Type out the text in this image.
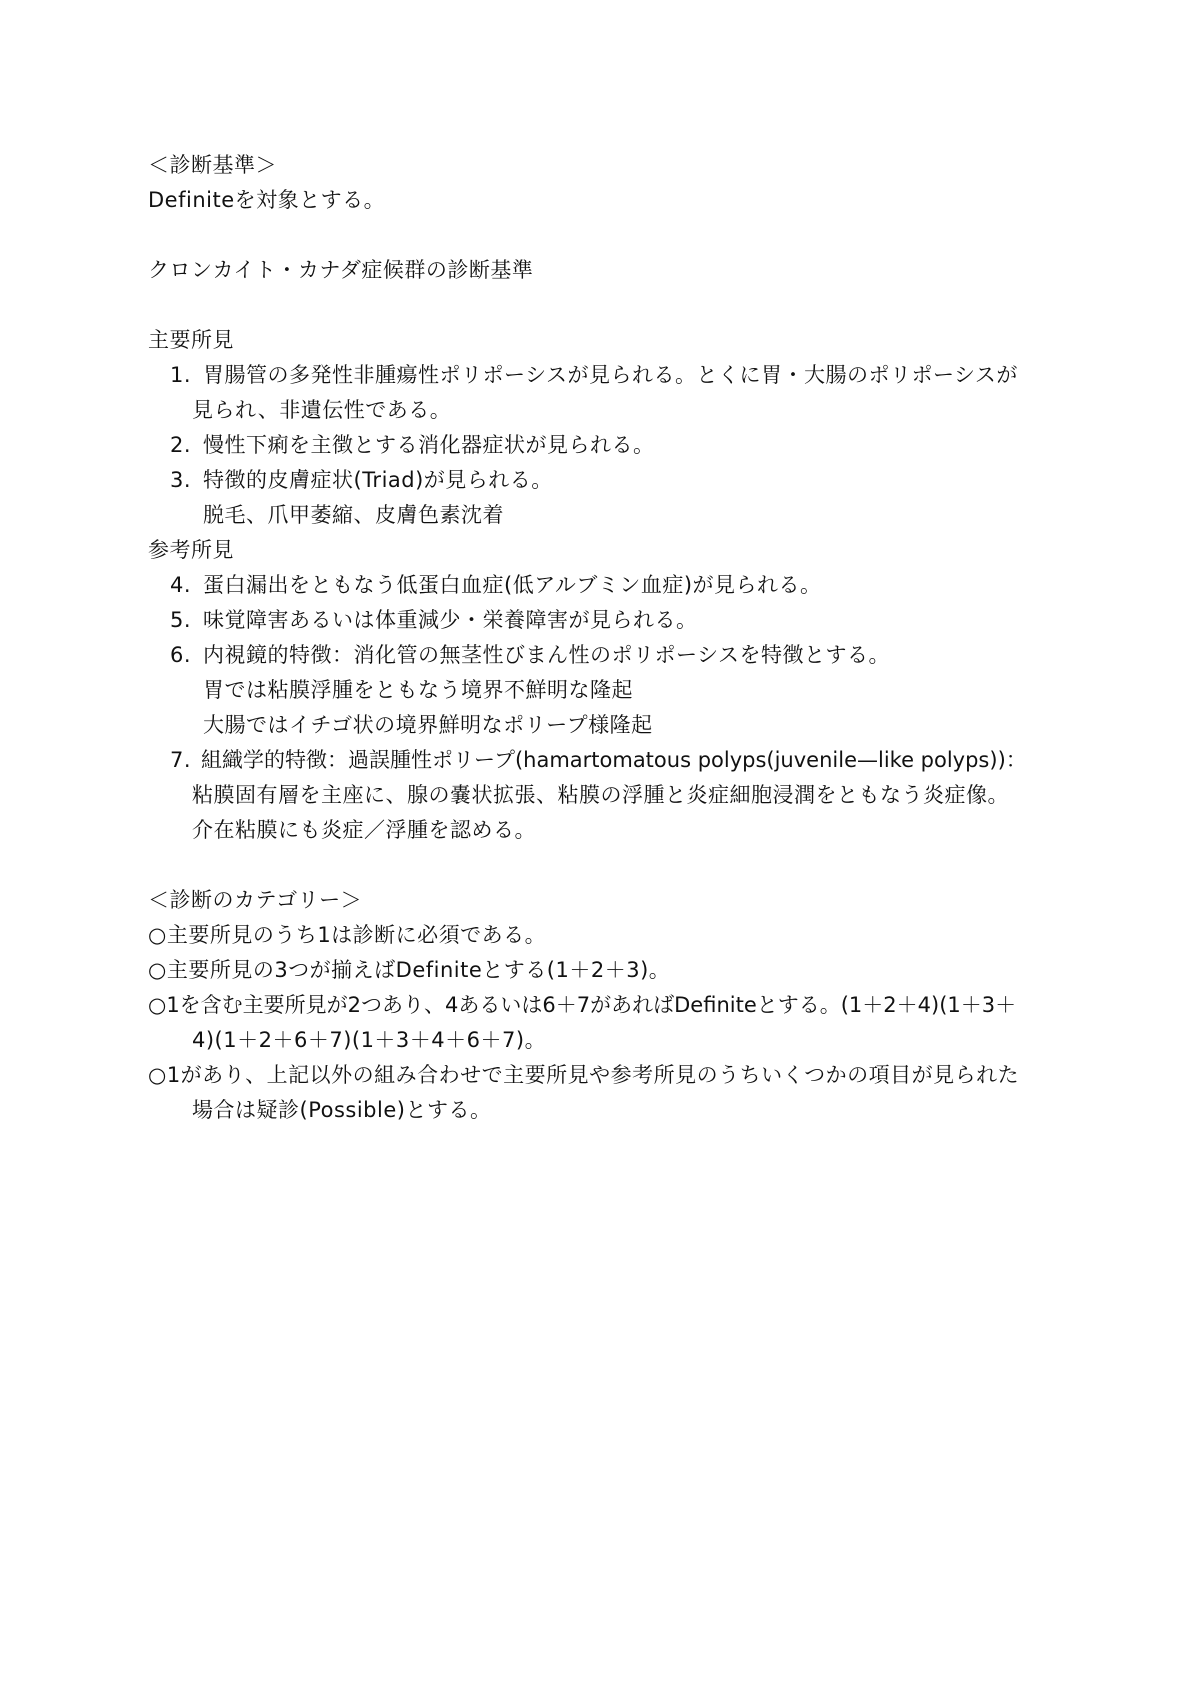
＜診断基準＞
Definiteを対象とする。
クロンカイト・カナダ症候群の診断基準
主要所見
1. 胃腸管の多発性非腫瘍性ポリポーシスが見られる。とくに胃・大腸のポリポーシスが
見られ、非遺伝性である。
2. 慢性下痢を主徴とする消化器症状が見られる。
3. 特徴的皮膚症状(Triad)が見られる。
脱毛、爪甲萎縮、皮膚色素沈着
参考所見
4. 蛋白漏出をともなう低蛋白血症(低アルブミン血症)が見られる。
5. 味覚障害あるいは体重減少・栄養障害が見られる。
6. 内視鏡的特徴：消化管の無茎性びまん性のポリポーシスを特徴とする。
胃では粘膜浮腫をともなう境界不鮮明な隆起
大腸ではイチゴ状の境界鮮明なポリープ様隆起
7. 組織学的特徴：過誤腫性ポリープ(hamartomatous polyps(juvenile—like polyps))：
粘膜固有層を主座に、腺の嚢状拡張、粘膜の浮腫と炎症細胞浸潤をともなう炎症像。
介在粘膜にも炎症／浮腫を認める。
＜診断のカテゴリー＞
○主要所見のうち1は診断に必須である。
○主要所見の3つが揃えばDefiniteとする(1＋2＋3)。
○1を含む主要所見が2つあり、4あるいは6＋7があればDefiniteとする。(1＋2＋4)(1＋3＋
4)(1＋2＋6＋7)(1＋3＋4＋6＋7)。
○1があり、上記以外の組み合わせで主要所見や参考所見のうちいくつかの項目が見られた
場合は疑診(Possible)とする。
